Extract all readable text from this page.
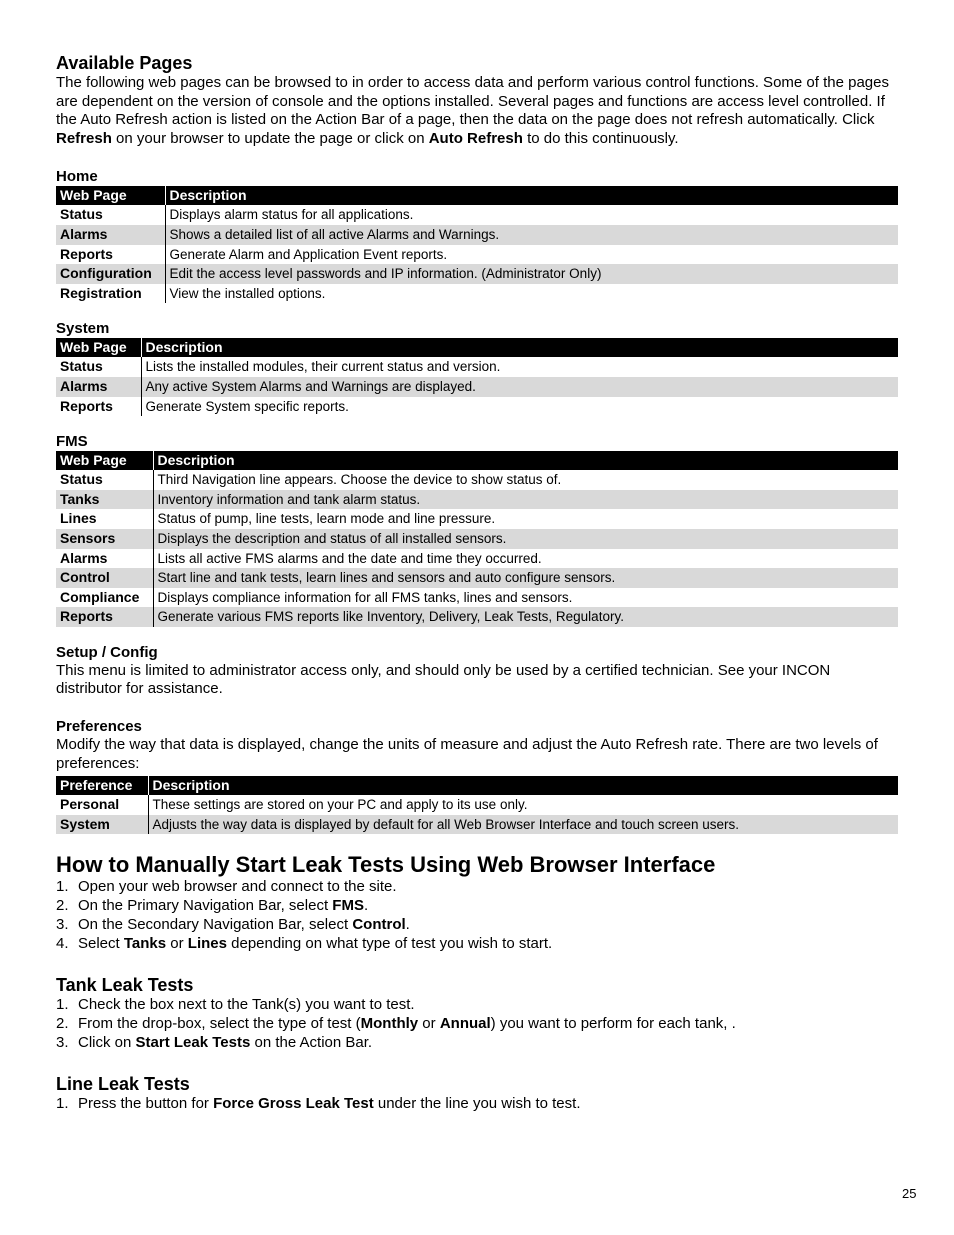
Available Pages

The following web pages can be browsed to in order to access data and perform various control functions. Some of the pages are dependent on the version of console and the options installed. Several pages and functions are access level controlled. If the Auto Refresh action is listed on the Action Bar of a page, then the data on the page does not refresh automatically. Click Refresh on your browser to update the page or click on Auto Refresh to do this continuously.

Home
Web Page	Description
Status	Displays alarm status for all applications.
Alarms	Shows a detailed list of all active Alarms and Warnings.
Reports	Generate Alarm and Application Event reports.
Configuration	Edit the access level passwords and IP information. (Administrator Only)
Registration	View the installed options.
System
Web Page	Description
Status	Lists the installed modules, their current status and version.
Alarms	Any active System Alarms and Warnings are displayed.
Reports	Generate System specific reports.
FMS
Web Page	Description
Status	Third Navigation line appears. Choose the device to show status of.
Tanks	Inventory information and tank alarm status.
Lines	Status of pump, line tests, learn mode and line pressure.
Sensors	Displays the description and status of all installed sensors.
Alarms	Lists all active FMS alarms and the date and time they occurred.
Control	Start line and tank tests, learn lines and sensors and auto configure sensors.
Compliance	Displays compliance information for all FMS tanks, lines and sensors.
Reports	Generate various FMS reports like Inventory, Delivery, Leak Tests, Regulatory.
Setup / Config

This menu is limited to administrator access only, and should only be used by a certified technician. See your INCON distributor for assistance.

Preferences

Modify the way that data is displayed, change the units of measure and adjust the Auto Refresh rate. There are two levels of preferences:

Preference	Description
Personal	These settings are stored on your PC and apply to its use only.
System	Adjusts the way data is displayed by default for all Web Browser Interface and touch screen users.
How to Manually Start Leak Tests Using Web Browser Interface
1. Open your web browser and connect to the site.
2. On the Primary Navigation Bar, select FMS.
3. On the Secondary Navigation Bar, select Control.
4. Select Tanks or Lines depending on what type of test you wish to start.
Tank Leak Tests
1. Check the box next to the Tank(s) you want to test.
2. From the drop-box, select the type of test (Monthly or Annual) you want to perform for each tank, .
3. Click on Start Leak Tests on the Action Bar.
Line Leak Tests
1. Press the button for Force Gross Leak Test under the line you wish to test.
25
